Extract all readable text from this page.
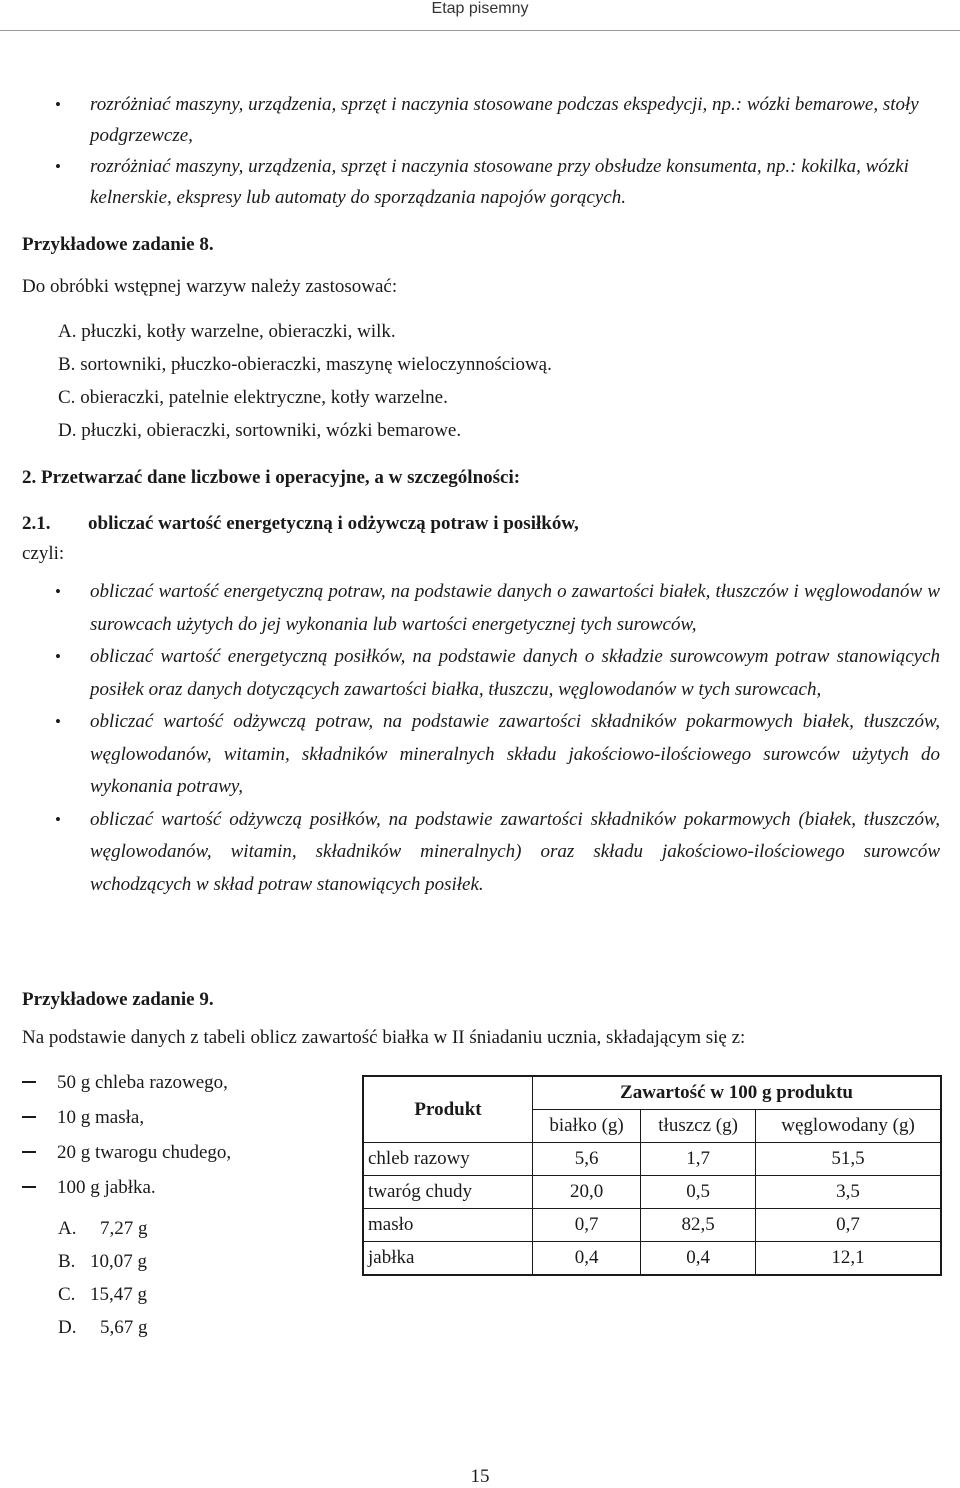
Etap pisemny
• rozróżniać maszyny, urządzenia, sprzęt i naczynia stosowane podczas ekspedycji, np.: wózki bemarowe, stoły podgrzewcze,
• rozróżniać maszyny, urządzenia, sprzęt i naczynia stosowane przy obsłudze konsumenta, np.: kokilka, wózki kelnerskie, ekspresy lub automaty do sporządzania napojów gorących.
Przykładowe zadanie 8.
Do obróbki wstępnej warzyw należy zastosować:
A. płuczki, kotły warzelne, obieraczki, wilk.
B. sortowniki, płuczko-obieraczki, maszynę wieloczynnościową.
C. obieraczki, patelnie elektryczne, kotły warzelne.
D. płuczki, obieraczki, sortowniki, wózki bemarowe.
2. Przetwarzać dane liczbowe i operacyjne, a w szczególności:
2.1. obliczać wartość energetyczną i odżywczą potraw i posiłków,
czyli:
• obliczać wartość energetyczną potraw, na podstawie danych o zawartości białek, tłuszczów i węglowodanów w surowcach użytych do jej wykonania lub wartości energetycznej tych surowców,
• obliczać wartość energetyczną posiłków, na podstawie danych o składzie surowcowym potraw stanowiących posiłek oraz danych dotyczących zawartości białka, tłuszczu, węglowodanów w tych surowcach,
• obliczać wartość odżywczą potraw, na podstawie zawartości składników pokarmowych białek, tłuszczów, węglowodanów, witamin, składników mineralnych składu jakościowo-ilościowego surowców użytych do wykonania potrawy,
• obliczać wartość odżywczą posiłków, na podstawie zawartości składników pokarmowych (białek, tłuszczów, węglowodanów, witamin, składników mineralnych) oraz składu jakościowo-ilościowego surowców wchodzących w skład potraw stanowiących posiłek.
Przykładowe zadanie 9.
Na podstawie danych z tabeli oblicz zawartość białka w II śniadaniu ucznia, składającym się z:
50 g chleba razowego,
10 g masła,
20 g twarogu chudego,
100 g jabłka.
A. 7,27 g
B. 10,07 g
C. 15,47 g
D. 5,67 g
Produkt	Zawartość w 100 g produktu		
	białko (g)	tłuszcz (g)	węglowodany (g)
chleb razowy	5,6	1,7	51,5
twaróg chudy	20,0	0,5	3,5
masło	0,7	82,5	0,7
jabłka	0,4	0,4	12,1
15
